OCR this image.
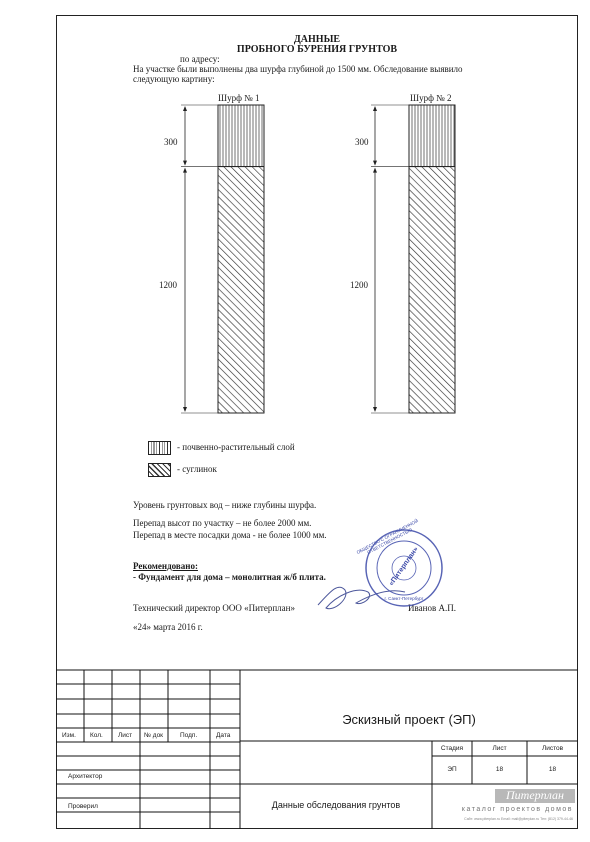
ДАННЫЕ
ПРОБНОГО БУРЕНИЯ ГРУНТОВ
по адресу:
На участке были выполнены два шурфа глубиной до 1500 мм. Обследование выявило
следующую картину:
Шурф № 1	Шурф № 2
300
1200
300
1200
- почвенно-растительный слой
- суглинок
Уровень грунтовых вод – ниже глубины шурфа.
Перепад высот по участку – не более 2000 мм.
Перепад в месте посадки дома - не более 1000 мм.
Рекомендовано:
- Фундамент для дома – монолитная ж/б плита.
Технический директор ООО «Питерплан»	Иванов А.П.
«24» марта 2016 г.
ОБЩЕСТВО С ОГРАНИЧЕННОЙ ОТВЕТСТВЕННОСТЬЮ
«Питерплан»
г. Санкт-Петербург
Эскизный проект (ЭП)
Изм. Кол. Лист № док	Подп.	Дата
Стадия	Лист	Листов
ЭП	18	18
Архитектор
Проверил	Данные обследования грунтов
Питерплан
каталог проектов домов
Сайт: www.piterplan.ru Email: mail@piterplan.ru Тел: (812) 379-44-46
